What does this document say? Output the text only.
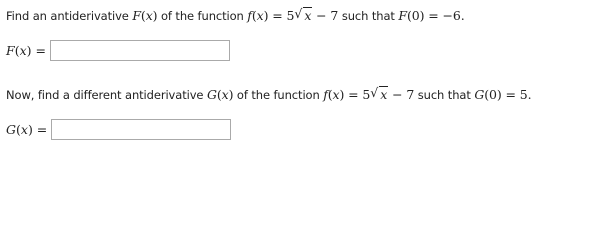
Find an antiderivative F(x) of the function f(x) = 5 √ x − 7 such that F(0) = −6.
F(x) =
Now, find a different antiderivative G(x) of the function f(x) = 5 √ x − 7 such that G(0) = 5.
G(x) =
